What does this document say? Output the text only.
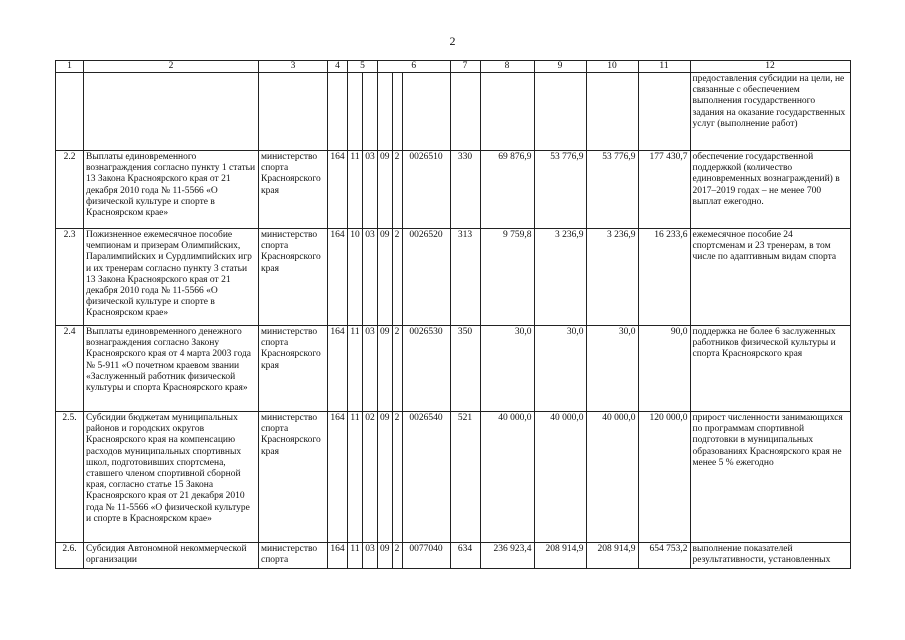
2
1	2	3	4	5		6			7	8	9	10	11	12
														предоставления субсидии на цели, не связанные с обеспечением выполнения государственного задания на оказание государственных услуг (выполнение работ)
2.2	Выплаты единовременного вознаграждения согласно пункту 1 статьи 13 Закона Красноярского края от 21 декабря 2010 года № 11-5566 «О физической культуре и спорте в Красноярском крае»	министерство спорта Красноярского края	164	11	03	09	2	0026510	330	69 876,9	53 776,9	53 776,9	177 430,7	обеспечение государственной поддержкой (количество единовременных вознаграждений) в 2017–2019 годах – не менее 700 выплат ежегодно.
2.3	Пожизненное ежемесячное пособие чемпионам и призерам Олимпийских, Паралимпийских и Сурдлимпийских игр и их тренерам согласно пункту 3 статьи 13 Закона Красноярского края от 21 декабря 2010 года № 11-5566 «О физической культуре и спорте в Красноярском крае»	министерство спорта Красноярского края	164	10	03	09	2	0026520	313	9 759,8	3 236,9	3 236,9	16 233,6	ежемесячное пособие 24 спортсменам и 23 тренерам, в том числе по адаптивным видам спорта
2.4	Выплаты единовременного денежного вознаграждения согласно Закону Красноярского края от 4 марта 2003 года № 5-911 «О почетном краевом звании «Заслуженный работник физической культуры и спорта Красноярского края»	министерство спорта Красноярского края	164	11	03	09	2	0026530	350	30,0	30,0	30,0	90,0	поддержка не более 6 заслуженных работников физической культуры и спорта Красноярского края
2.5.	Субсидии бюджетам муниципальных районов и городских округов Красноярского края на компенсацию расходов муниципальных спортивных школ, подготовивших спортсмена, ставшего членом спортивной сборной края, согласно статье 15 Закона Красноярского края от 21 декабря 2010 года № 11-5566 «О физической культуре и спорте в Красноярском крае»	министерство спорта Красноярского края	164	11	02	09	2	0026540	521	40 000,0	40 000,0	40 000,0	120 000,0	прирост численности занимающихся по программам спортивной подготовки в муниципальных образованиях Красноярского края не менее 5 % ежегодно
2.6.	Субсидия Автономной некоммерческой организации	министерство спорта	164	11	03	09	2	0077040	634	236 923,4	208 914,9	208 914,9	654 753,2	выполнение показателей результативности, установленных
